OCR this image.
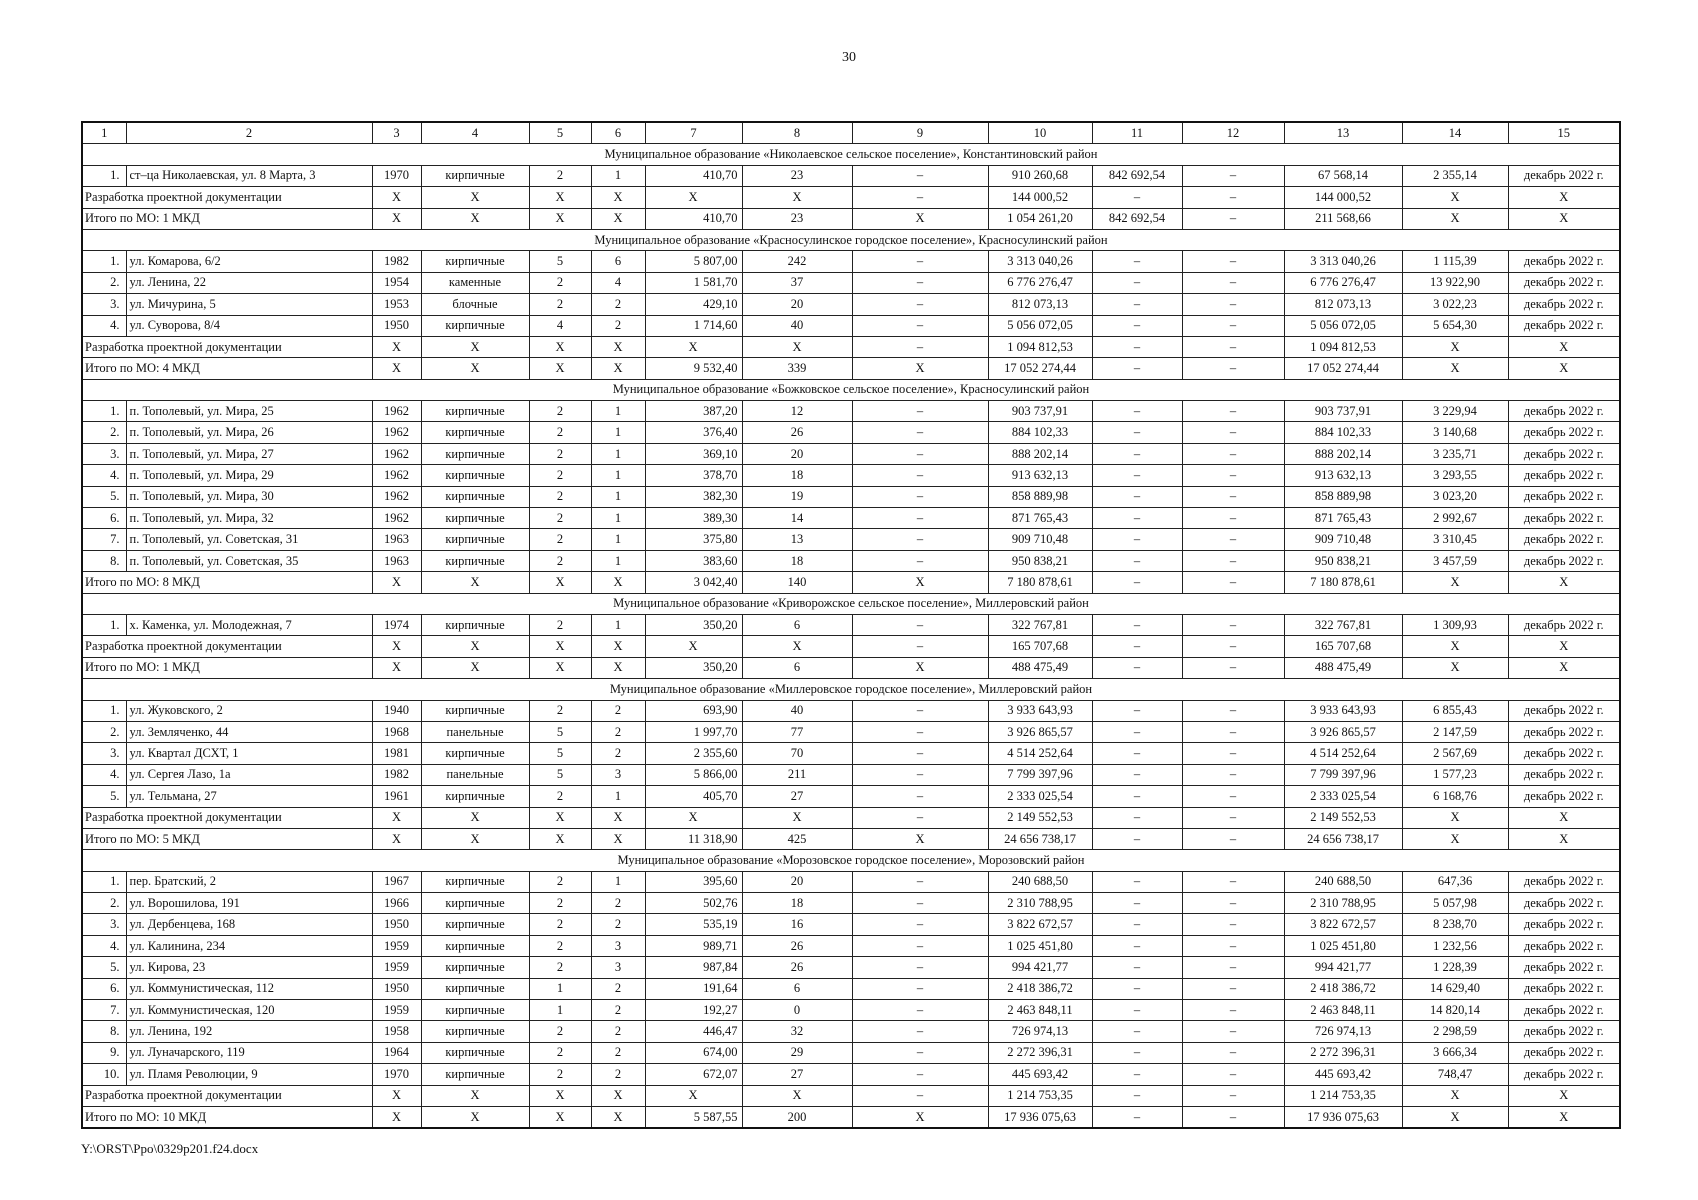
30
1	2	3	4	5	6	7	8	9	10	11	12	13	14	15
Муниципальное образование «Николаевское сельское поселение», Константиновский район														
1.	ст–ца Николаевская, ул. 8 Марта, 3	1970	кирпичные	2	1	410,70	23	–	910 260,68	842 692,54	–	67 568,14	2 355,14	декабрь 2022 г.
Разработка проектной документации		X	X	X	X	X	X	–	144 000,52	–	–	144 000,52	X	X
Итого по МО: 1 МКД		X	X	X	X	410,70	23	X	1 054 261,20	842 692,54	–	211 568,66	X	X
Муниципальное образование «Красносулинское городское поселение», Красносулинский район														
1.	ул. Комарова, 6/2	1982	кирпичные	5	6	5 807,00	242	–	3 313 040,26	–	–	3 313 040,26	1 115,39	декабрь 2022 г.
2.	ул. Ленина, 22	1954	каменные	2	4	1 581,70	37	–	6 776 276,47	–	–	6 776 276,47	13 922,90	декабрь 2022 г.
3.	ул. Мичурина, 5	1953	блочные	2	2	429,10	20	–	812 073,13	–	–	812 073,13	3 022,23	декабрь 2022 г.
4.	ул. Суворова, 8/4	1950	кирпичные	4	2	1 714,60	40	–	5 056 072,05	–	–	5 056 072,05	5 654,30	декабрь 2022 г.
Разработка проектной документации		X	X	X	X	X	X	–	1 094 812,53	–	–	1 094 812,53	X	X
Итого по МО: 4 МКД		X	X	X	X	9 532,40	339	X	17 052 274,44	–	–	17 052 274,44	X	X
Муниципальное образование «Божковское сельское поселение», Красносулинский район														
1.	п. Тополевый, ул. Мира, 25	1962	кирпичные	2	1	387,20	12	–	903 737,91	–	–	903 737,91	3 229,94	декабрь 2022 г.
2.	п. Тополевый, ул. Мира, 26	1962	кирпичные	2	1	376,40	26	–	884 102,33	–	–	884 102,33	3 140,68	декабрь 2022 г.
3.	п. Тополевый, ул. Мира, 27	1962	кирпичные	2	1	369,10	20	–	888 202,14	–	–	888 202,14	3 235,71	декабрь 2022 г.
4.	п. Тополевый, ул. Мира, 29	1962	кирпичные	2	1	378,70	18	–	913 632,13	–	–	913 632,13	3 293,55	декабрь 2022 г.
5.	п. Тополевый, ул. Мира, 30	1962	кирпичные	2	1	382,30	19	–	858 889,98	–	–	858 889,98	3 023,20	декабрь 2022 г.
6.	п. Тополевый, ул. Мира, 32	1962	кирпичные	2	1	389,30	14	–	871 765,43	–	–	871 765,43	2 992,67	декабрь 2022 г.
7.	п. Тополевый, ул. Советская, 31	1963	кирпичные	2	1	375,80	13	–	909 710,48	–	–	909 710,48	3 310,45	декабрь 2022 г.
8.	п. Тополевый, ул. Советская, 35	1963	кирпичные	2	1	383,60	18	–	950 838,21	–	–	950 838,21	3 457,59	декабрь 2022 г.
Итого по МО: 8 МКД		X	X	X	X	3 042,40	140	X	7 180 878,61	–	–	7 180 878,61	X	X
Муниципальное образование «Криворожское сельское поселение», Миллеровский район														
1.	х. Каменка, ул. Молодежная, 7	1974	кирпичные	2	1	350,20	6	–	322 767,81	–	–	322 767,81	1 309,93	декабрь 2022 г.
Разработка проектной документации		X	X	X	X	X	X	–	165 707,68	–	–	165 707,68	X	X
Итого по МО: 1 МКД		X	X	X	X	350,20	6	X	488 475,49	–	–	488 475,49	X	X
Муниципальное образование «Миллеровское городское поселение», Миллеровский район														
1.	ул. Жуковского, 2	1940	кирпичные	2	2	693,90	40	–	3 933 643,93	–	–	3 933 643,93	6 855,43	декабрь 2022 г.
2.	ул. Земляченко, 44	1968	панельные	5	2	1 997,70	77	–	3 926 865,57	–	–	3 926 865,57	2 147,59	декабрь 2022 г.
3.	ул. Квартал ДСХТ, 1	1981	кирпичные	5	2	2 355,60	70	–	4 514 252,64	–	–	4 514 252,64	2 567,69	декабрь 2022 г.
4.	ул. Сергея Лазо, 1а	1982	панельные	5	3	5 866,00	211	–	7 799 397,96	–	–	7 799 397,96	1 577,23	декабрь 2022 г.
5.	ул. Тельмана, 27	1961	кирпичные	2	1	405,70	27	–	2 333 025,54	–	–	2 333 025,54	6 168,76	декабрь 2022 г.
Разработка проектной документации		X	X	X	X	X	X	–	2 149 552,53	–	–	2 149 552,53	X	X
Итого по МО: 5 МКД		X	X	X	X	11 318,90	425	X	24 656 738,17	–	–	24 656 738,17	X	X
Муниципальное образование «Морозовское городское поселение», Морозовский район														
1.	пер. Братский, 2	1967	кирпичные	2	1	395,60	20	–	240 688,50	–	–	240 688,50	647,36	декабрь 2022 г.
2.	ул. Ворошилова, 191	1966	кирпичные	2	2	502,76	18	–	2 310 788,95	–	–	2 310 788,95	5 057,98	декабрь 2022 г.
3.	ул. Дербенцева, 168	1950	кирпичные	2	2	535,19	16	–	3 822 672,57	–	–	3 822 672,57	8 238,70	декабрь 2022 г.
4.	ул. Калинина, 234	1959	кирпичные	2	3	989,71	26	–	1 025 451,80	–	–	1 025 451,80	1 232,56	декабрь 2022 г.
5.	ул. Кирова, 23	1959	кирпичные	2	3	987,84	26	–	994 421,77	–	–	994 421,77	1 228,39	декабрь 2022 г.
6.	ул. Коммунистическая, 112	1950	кирпичные	1	2	191,64	6	–	2 418 386,72	–	–	2 418 386,72	14 629,40	декабрь 2022 г.
7.	ул. Коммунистическая, 120	1959	кирпичные	1	2	192,27	0	–	2 463 848,11	–	–	2 463 848,11	14 820,14	декабрь 2022 г.
8.	ул. Ленина, 192	1958	кирпичные	2	2	446,47	32	–	726 974,13	–	–	726 974,13	2 298,59	декабрь 2022 г.
9.	ул. Луначарского, 119	1964	кирпичные	2	2	674,00	29	–	2 272 396,31	–	–	2 272 396,31	3 666,34	декабрь 2022 г.
10.	ул. Пламя Революции, 9	1970	кирпичные	2	2	672,07	27	–	445 693,42	–	–	445 693,42	748,47	декабрь 2022 г.
Разработка проектной документации		X	X	X	X	X	X	–	1 214 753,35	–	–	1 214 753,35	X	X
Итого по МО: 10 МКД		X	X	X	X	5 587,55	200	X	17 936 075,63	–	–	17 936 075,63	X	X
Y:\ORST\Ppo\0329p201.f24.docx
